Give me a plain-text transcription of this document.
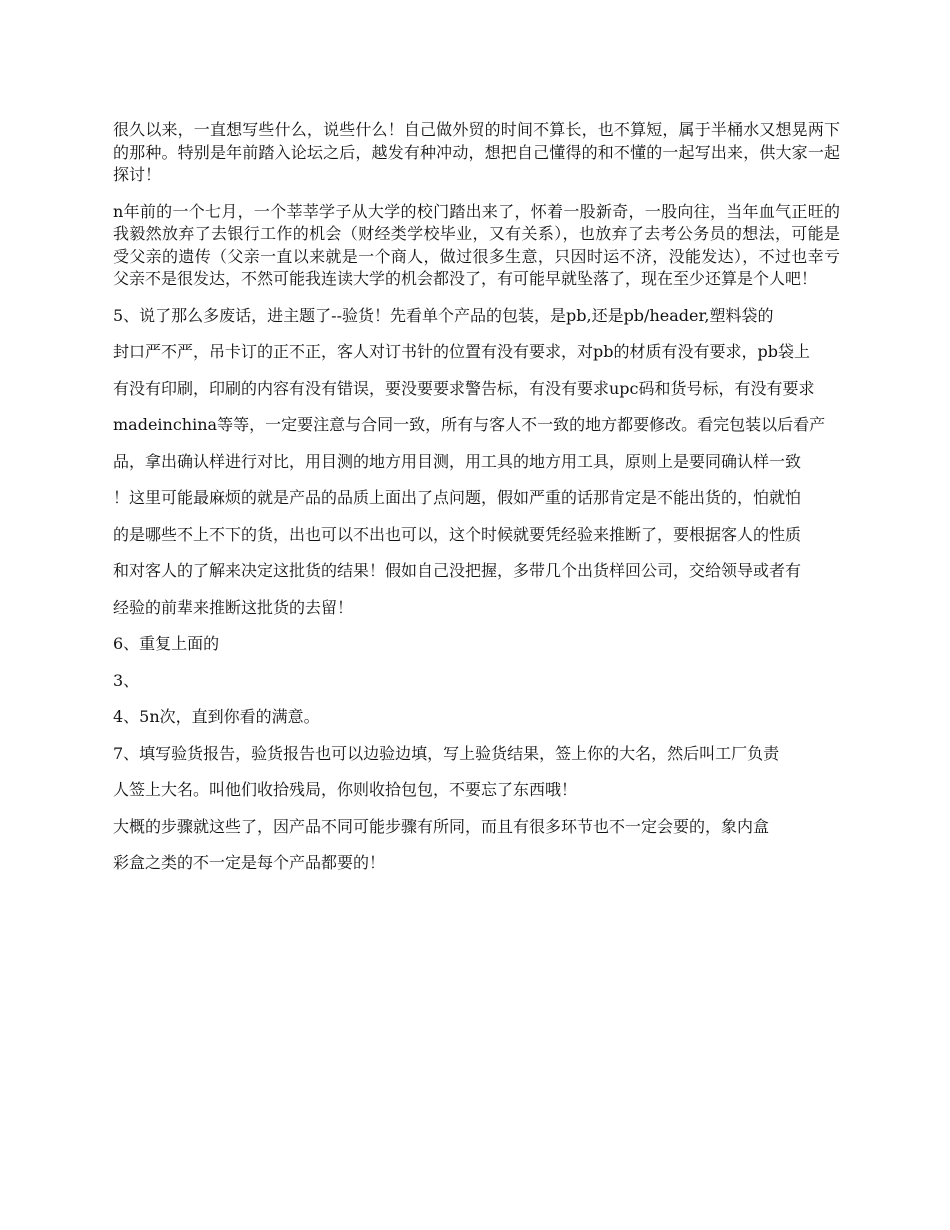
很久以来，一直想写些什么，说些什么！自己做外贸的时间不算长，也不算短，属于半桶水又想晃两下的那种。特别是年前踏入论坛之后，越发有种冲动，想把自己懂得的和不懂的一起写出来，供大家一起探讨！

n年前的一个七月，一个莘莘学子从大学的校门踏出来了，怀着一股新奇，一股向往，当年血气正旺的我毅然放弃了去银行工作的机会（财经类学校毕业，又有关系），也放弃了去考公务员的想法，可能是受父亲的遗传（父亲一直以来就是一个商人，做过很多生意，只因时运不济，没能发达），不过也幸亏父亲不是很发达，不然可能我连读大学的机会都没了，有可能早就坠落了，现在至少还算是个人吧！

5、说了那么多废话，进主题了--验货！先看单个产品的包装，是pb,还是pb/header,塑料袋的

封口严不严，吊卡订的正不正，客人对订书针的位置有没有要求，对pb的材质有没有要求，pb袋上

有没有印刷，印刷的内容有没有错误，要没要要求警告标，有没有要求upc码和货号标，有没有要求

madeinchina等等，一定要注意与合同一致，所有与客人不一致的地方都要修改。看完包装以后看产

品，拿出确认样进行对比，用目测的地方用目测，用工具的地方用工具，原则上是要同确认样一致

！这里可能最麻烦的就是产品的品质上面出了点问题，假如严重的话那肯定是不能出货的，怕就怕

的是哪些不上不下的货，出也可以不出也可以，这个时候就要凭经验来推断了，要根据客人的性质

和对客人的了解来决定这批货的结果！假如自己没把握，多带几个出货样回公司，交给领导或者有

经验的前辈来推断这批货的去留！

6、重复上面的

3、

4、5n次，直到你看的满意。

7、填写验货报告，验货报告也可以边验边填，写上验货结果，签上你的大名，然后叫工厂负责

人签上大名。叫他们收拾残局，你则收拾包包，不要忘了东西哦！

大概的步骤就这些了，因产品不同可能步骤有所同，而且有很多环节也不一定会要的，象内盒

彩盒之类的不一定是每个产品都要的！
